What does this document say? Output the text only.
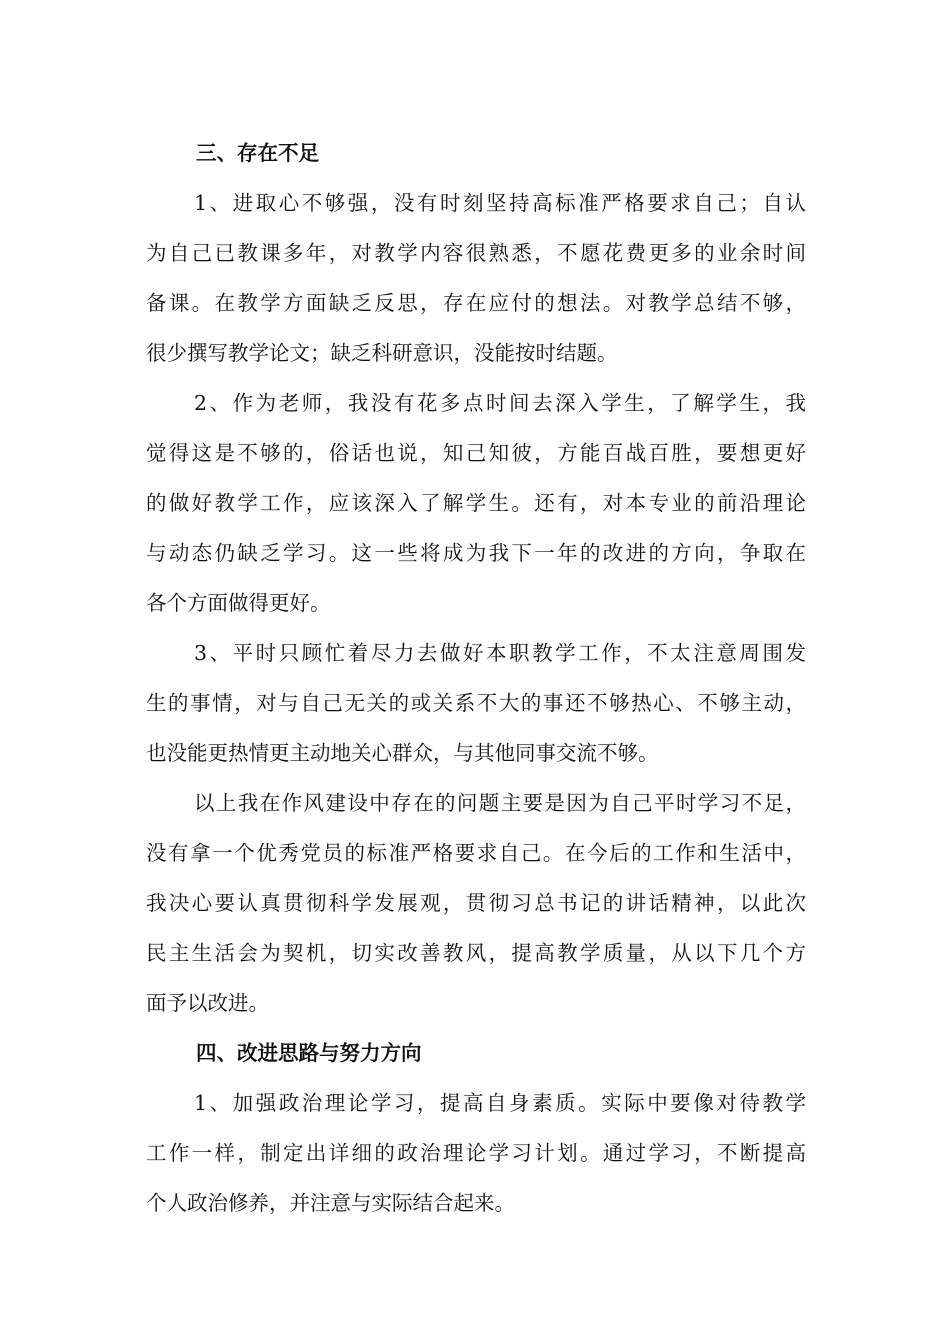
三、存在不足
1、进取心不够强，没有时刻坚持高标准严格要求自己；自认
为自己已教课多年，对教学内容很熟悉，不愿花费更多的业余时间
备课。在教学方面缺乏反思，存在应付的想法。对教学总结不够，
很少撰写教学论文；缺乏科研意识，没能按时结题。
2、作为老师，我没有花多点时间去深入学生，了解学生，我
觉得这是不够的，俗话也说，知己知彼，方能百战百胜，要想更好
的做好教学工作，应该深入了解学生。还有，对本专业的前沿理论
与动态仍缺乏学习。这一些将成为我下一年的改进的方向，争取在
各个方面做得更好。
3、平时只顾忙着尽力去做好本职教学工作，不太注意周围发
生的事情，对与自己无关的或关系不大的事还不够热心、不够主动，
也没能更热情更主动地关心群众，与其他同事交流不够。
以上我在作风建设中存在的问题主要是因为自己平时学习不足，
没有拿一个优秀党员的标准严格要求自己。在今后的工作和生活中，
我决心要认真贯彻科学发展观，贯彻习总书记的讲话精神，以此次
民主生活会为契机，切实改善教风，提高教学质量，从以下几个方
面予以改进。
四、改进思路与努力方向
1、加强政治理论学习，提高自身素质。实际中要像对待教学
工作一样，制定出详细的政治理论学习计划。通过学习，不断提高
个人政治修养，并注意与实际结合起来。
